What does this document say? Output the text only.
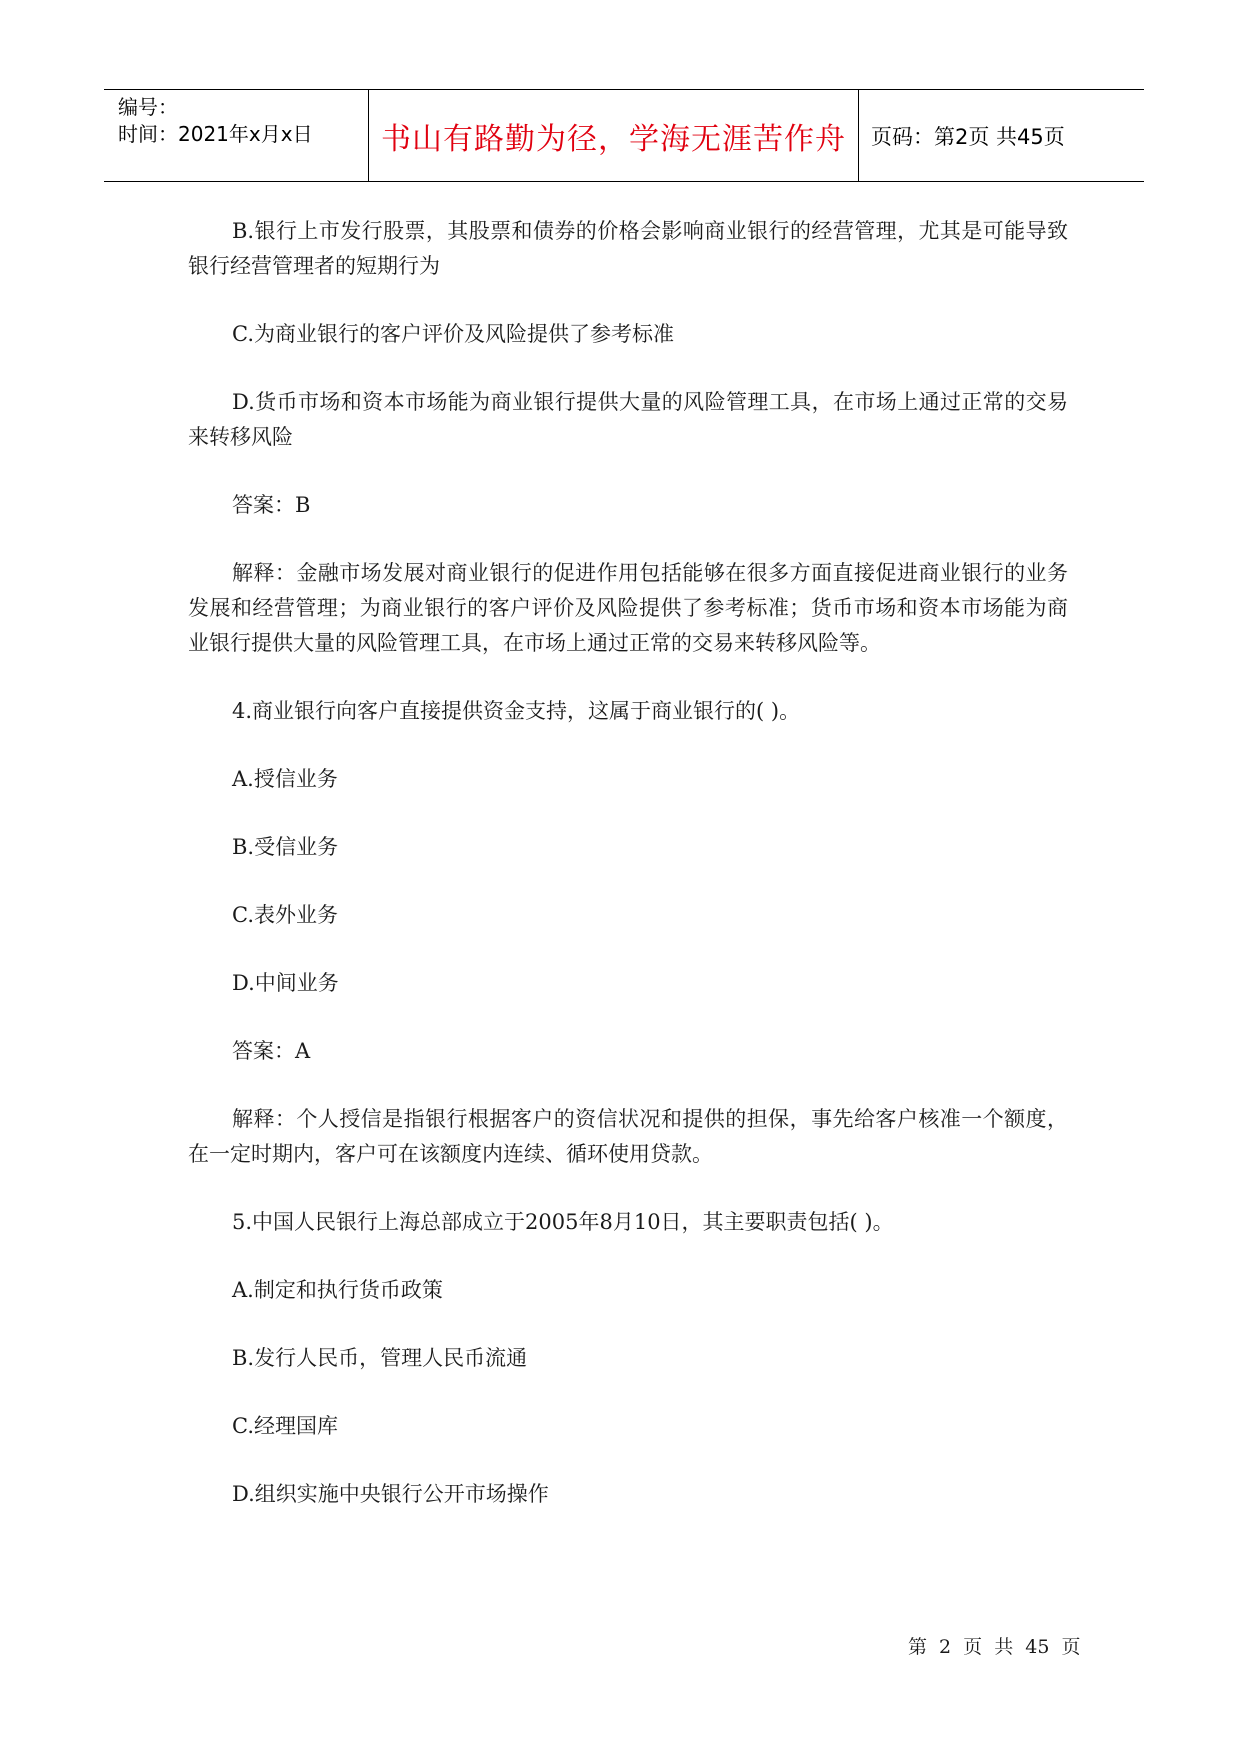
编号：
时间：2021年x月x日	书山有路勤为径，学海无涯苦作舟	页码：第2页 共45页

B.银行上市发行股票，其股票和债券的价格会影响商业银行的经营管理，尤其是可能导致银行经营管理者的短期行为

C.为商业银行的客户评价及风险提供了参考标准

D.货币市场和资本市场能为商业银行提供大量的风险管理工具，在市场上通过正常的交易来转移风险

答案：B

解释：金融市场发展对商业银行的促进作用包括能够在很多方面直接促进商业银行的业务发展和经营管理；为商业银行的客户评价及风险提供了参考标准；货币市场和资本市场能为商业银行提供大量的风险管理工具，在市场上通过正常的交易来转移风险等。

4.商业银行向客户直接提供资金支持，这属于商业银行的( )。

A.授信业务

B.受信业务

C.表外业务

D.中间业务

答案：A

解释：个人授信是指银行根据客户的资信状况和提供的担保，事先给客户核准一个额度，在一定时期内，客户可在该额度内连续、循环使用贷款。

5.中国人民银行上海总部成立于2005年8月10日，其主要职责包括( )。

A.制定和执行货币政策

B.发行人民币，管理人民币流通

C.经理国库

D.组织实施中央银行公开市场操作

第 2 页 共 45 页
